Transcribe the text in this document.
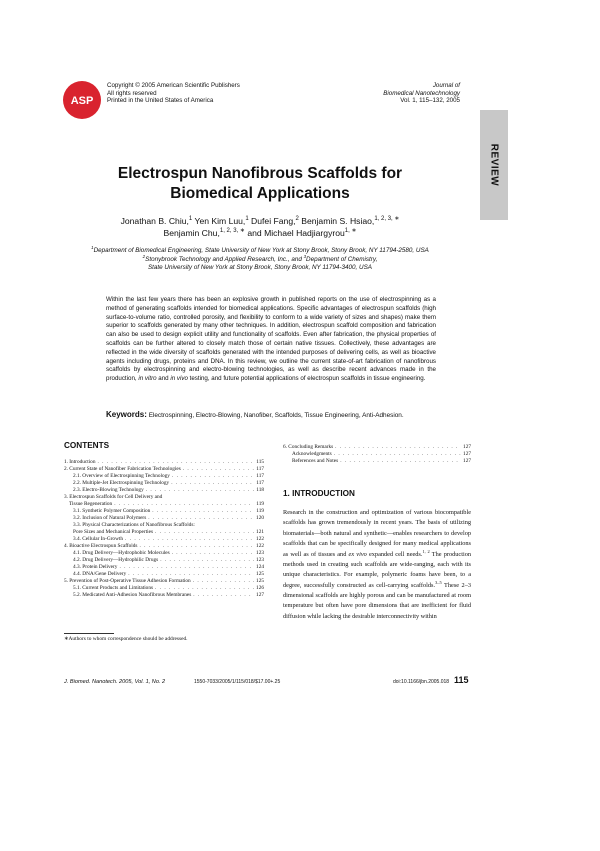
ASP
Copyright © 2005 American Scientific Publishers
All rights reserved
Printed in the United States of America
Journal of
Biomedical Nanotechnology
Vol. 1, 115–132, 2005
REVIEW
Electrospun Nanofibrous Scaffolds for
Biomedical Applications
Jonathan B. Chiu,$^1$ Yen Kim Luu,$^1$ Dufei Fang,$^2$ Benjamin S. Hsiao,$^{1, 2, 3, ∗}$
Benjamin Chu,$^{1, 2, 3, ∗}$ and Michael Hadjiargyrou$^{1, ∗}$
$^1$Department of Biomedical Engineering, State University of New York at Stony Brook, Stony Brook, NY 11794-2580, USA
$^2$Stonybrook Technology and Applied Research, Inc., and $^3$Department of Chemistry,
State University of New York at Stony Brook, Stony Brook, NY 11794-3400, USA
Within the last few years there has been an explosive growth in published reports on the use of electrospinning as a method of generating scaffolds intended for biomedical applications. Specific advantages of electrospun scaffolds (high surface-to-volume ratio, controlled porosity, and flexibility to conform to a wide variety of sizes and shapes) make them superior to scaffolds generated by many other techniques. In addition, electrospun scaffold composition and fabrication can also be used to design explicit utility and functionality of scaffolds. Even after fabrication, the physical properties of scaffolds can be further altered to closely match those of certain native tissues. Collectively, these advantages are reflected in the wide diversity of scaffolds generated with the intended purposes of delivering cells, as well as bioactive agents including drugs, proteins and DNA. In this review, we outline the current state-of-art fabrication of nanofibrous scaffolds by electrospinning and electro-blowing technologies, as well as describe recent advances made in the production, in vitro and in vivo testing, and future potential applications of electrospun scaffolds in tissue engineering.
Keywords: Electrospinning, Electro-Blowing, Nanofiber, Scaffolds, Tissue Engineering, Anti-Adhesion.
CONTENTS
1. Introduction . . .	115
2. Current State of Nanofiber Fabrication Technologies . . .	117
2.1. Overview of Electrospinning Technology . . .	117
2.2. Multiple-Jet Electrospinning Technology . . .	117
2.3. Electro-Blowing Technology . . .	118
3. Electrospun Scaffolds for Cell Delivery and
Tissue Regeneration . . .	119
3.1. Synthetic Polymer Composition . . .	119
3.2. Inclusion of Natural Polymers . . .	120
3.3. Physical Characterizations of Nanofibrous Scaffolds:
Pore Sizes and Mechanical Properties . . .	121
3.4. Cellular In-Growth . . .	122
4. Bioactive Electrospun Scaffolds . . .	122
4.1. Drug Delivery—Hydrophobic Molecules . . .	123
4.2. Drug Delivery—Hydrophilic Drugs . . .	123
4.3. Protein Delivery . . .	124
4.4. DNA/Gene Delivery . . .	125
5. Prevention of Post-Operative Tissue Adhesion Formation . . .	125
5.1. Current Products and Limitations . . .	126
5.2. Medicated Anti-Adhesion Nanofibrous Membranes . . .	127
6. Concluding Remarks . . .	127
Acknowledgments . . .	127
References and Notes . . .	127
∗Authors to whom correspondence should be addressed.
1. INTRODUCTION
Research in the construction and optimization of various biocompatible scaffolds has grown tremendously in recent years. The basis of utilizing biomaterials—both natural and synthetic—enables researchers to develop scaffolds that can be specifically designed for many medical applications as well as of tissues and ex vivo expanded cell needs.$^{1, 2}$ The production methods used in creating such scaffolds are wide-ranging, each with its unique characteristics. For example, polymeric foams have been, to a degree, successfully constructed as cell-carrying scaffolds.$^{3-5}$ These 2–3 dimensional scaffolds are highly porous and can be manufactured at room temperature but often have pore dimensions that are inefficient for fluid diffusion while lacking the desirable interconnectivity within
J. Biomed. Nanotech. 2005, Vol. 1, No. 2	1550-7033/2005/1/115/018/$17.00+.25	doi:10.1166/jbn.2005.018 115
